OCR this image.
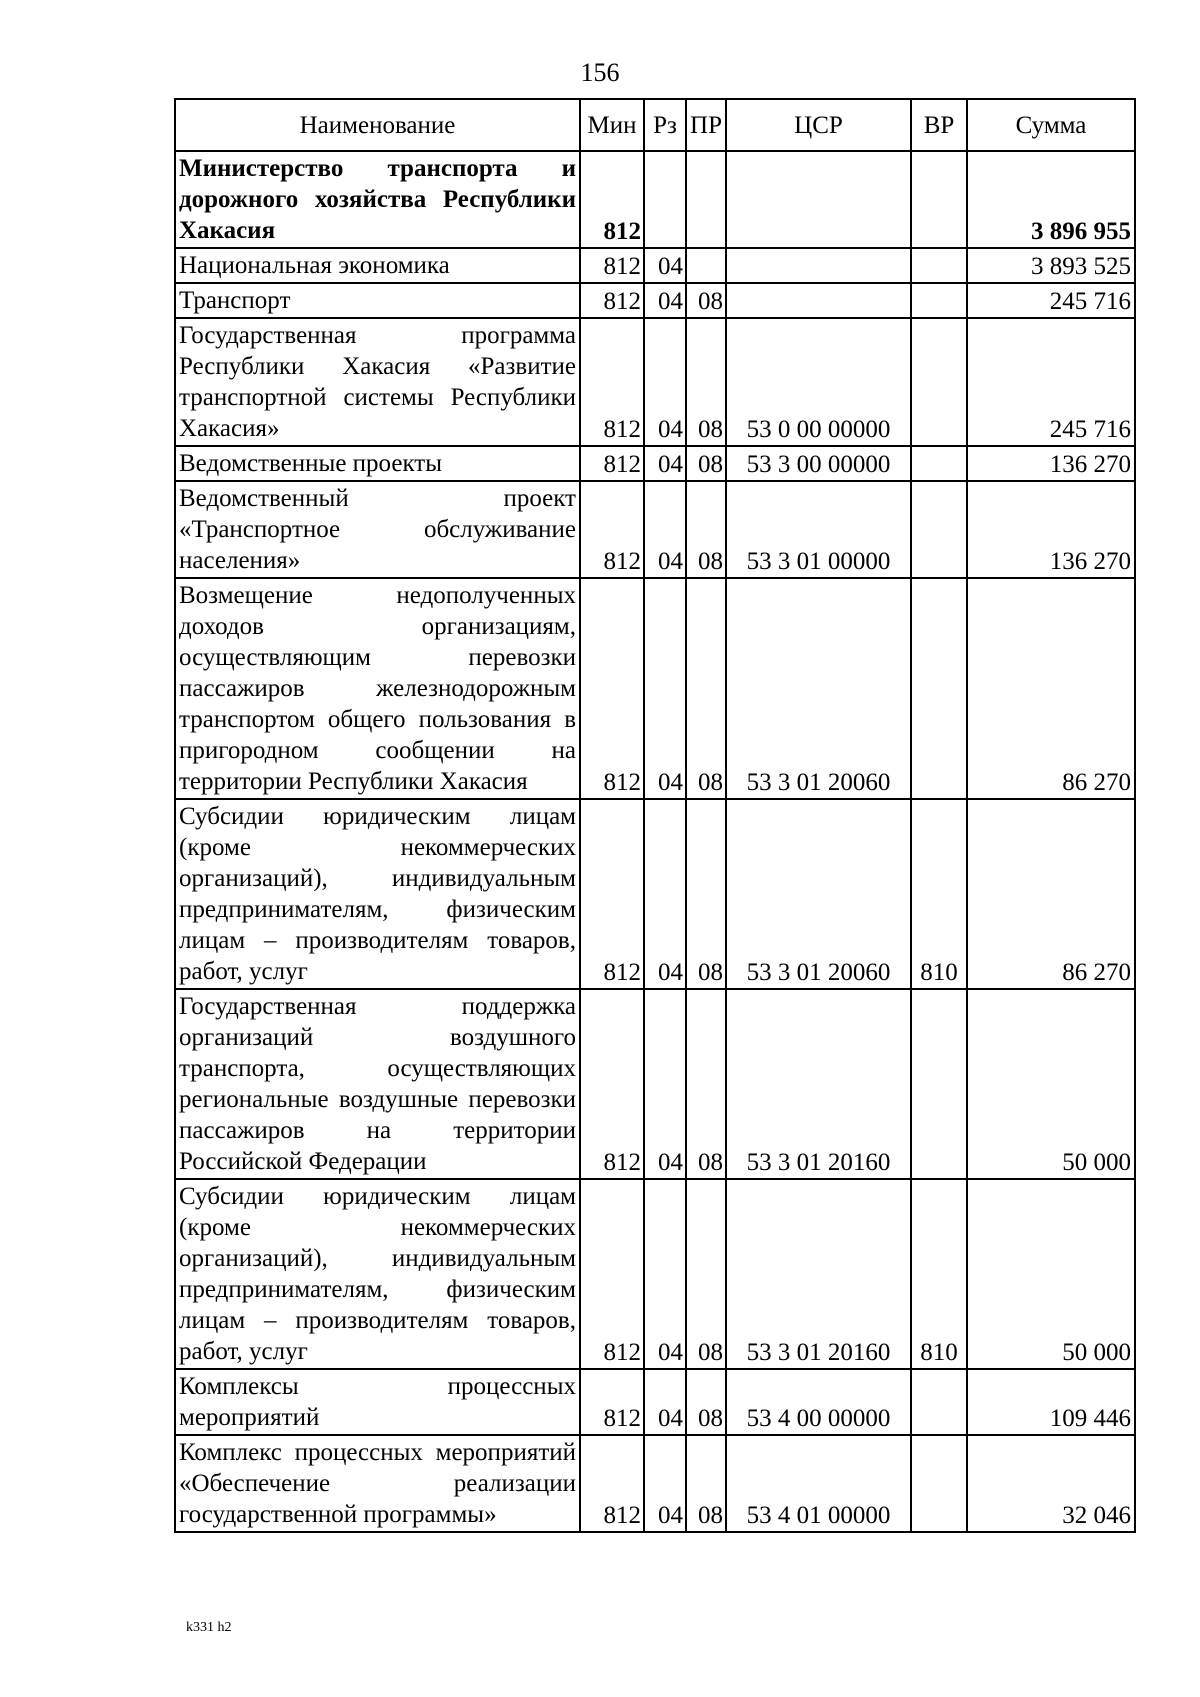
156
Наименование	Мин	Рз	ПР	ЦСР	ВР	Сумма
Министерство транспорта и дорожного хозяйства Республики Хакасия	812					3 896 955
Национальная экономика	812	04				3 893 525
Транспорт	812	04	08			245 716
Государственная программа Республики Хакасия «Развитие транспортной системы Республики Хакасия»	812	04	08	53 0 00 00000		245 716
Ведомственные проекты	812	04	08	53 3 00 00000		136 270
Ведомственный проект «Транспортное обслуживание населения»	812	04	08	53 3 01 00000		136 270
Возмещение недополученных доходов организациям, осуществляющим перевозки пассажиров железнодорожным транспортом общего пользования в пригородном сообщении на территории Республики Хакасия	812	04	08	53 3 01 20060		86 270
Субсидии юридическим лицам (кроме некоммерческих организаций), индивидуальным предпринимателям, физическим лицам – производителям товаров, работ, услуг	812	04	08	53 3 01 20060	810	86 270
Государственная поддержка организаций воздушного транспорта, осуществляющих региональные воздушные перевозки пассажиров на территории Российской Федерации	812	04	08	53 3 01 20160		50 000
Субсидии юридическим лицам (кроме некоммерческих организаций), индивидуальным предпринимателям, физическим лицам – производителям товаров, работ, услуг	812	04	08	53 3 01 20160	810	50 000
Комплексы процессных мероприятий	812	04	08	53 4 00 00000		109 446
Комплекс процессных мероприятий «Обеспечение реализации государственной программы»	812	04	08	53 4 01 00000		32 046
k331 h2
